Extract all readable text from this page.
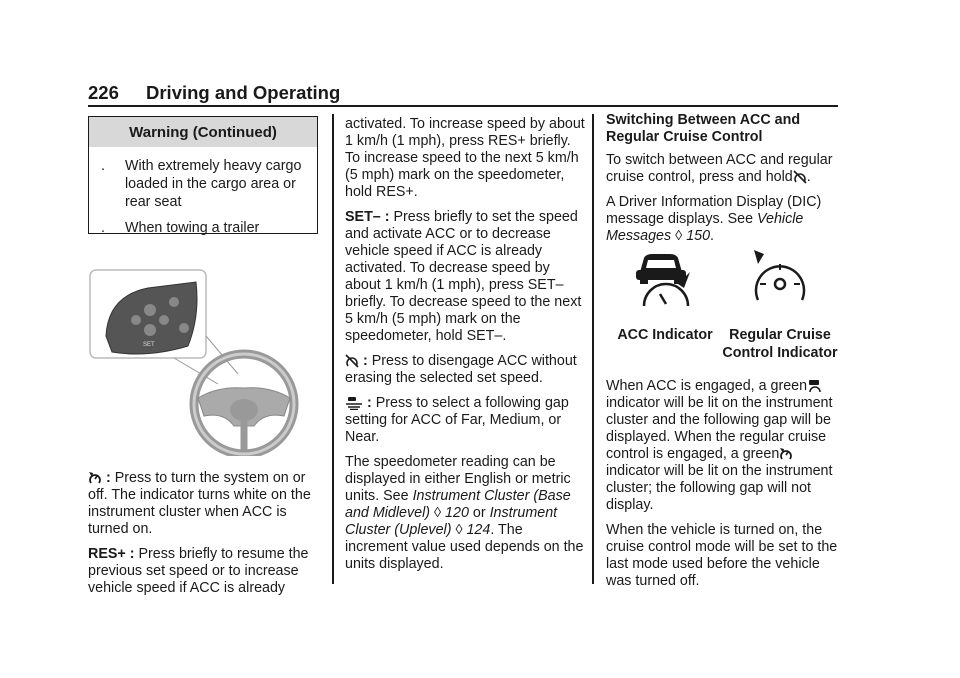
226 Driving and Operating
Warning (Continued)
.	With extremely heavy cargo loaded in the cargo area or rear seat
.	When towing a trailer
SET

: Press to turn the system on or off. The indicator turns white on the instrument cluster when ACC is turned on.

RES+ : Press briefly to resume the previous set speed or to increase vehicle speed if ACC is already

activated. To increase speed by about 1 km/h (1 mph), press RES+ briefly. To increase speed to the next 5 km/h (5 mph) mark on the speedometer, hold RES+.

SET– : Press briefly to set the speed and activate ACC or to decrease vehicle speed if ACC is already activated. To decrease speed by about 1 km/h (1 mph), press SET– briefly. To decrease speed to the next 5 km/h (5 mph) mark on the speedometer, hold SET–.

: Press to disengage ACC without erasing the selected set speed.

: Press to select a following gap setting for ACC of Far, Medium, or Near.

The speedometer reading can be displayed in either English or metric units. See Instrument Cluster (Base and Midlevel) ◊ 120 or Instrument Cluster (Uplevel) ◊ 124. The increment value used depends on the units displayed.

Switching Between ACC and Regular Cruise Control

To switch between ACC and regular cruise control, press and hold .

A Driver Information Display (DIC) message displays. See Vehicle Messages ◊ 150.

ACC Indicator	Regular Cruise Control Indicator

When ACC is engaged, a green
indicator will be lit on the instrument cluster and the following gap will be displayed. When the regular cruise control is engaged, a green
indicator will be lit on the instrument cluster; the following gap will not display.

When the vehicle is turned on, the cruise control mode will be set to the last mode used before the vehicle was turned off.
